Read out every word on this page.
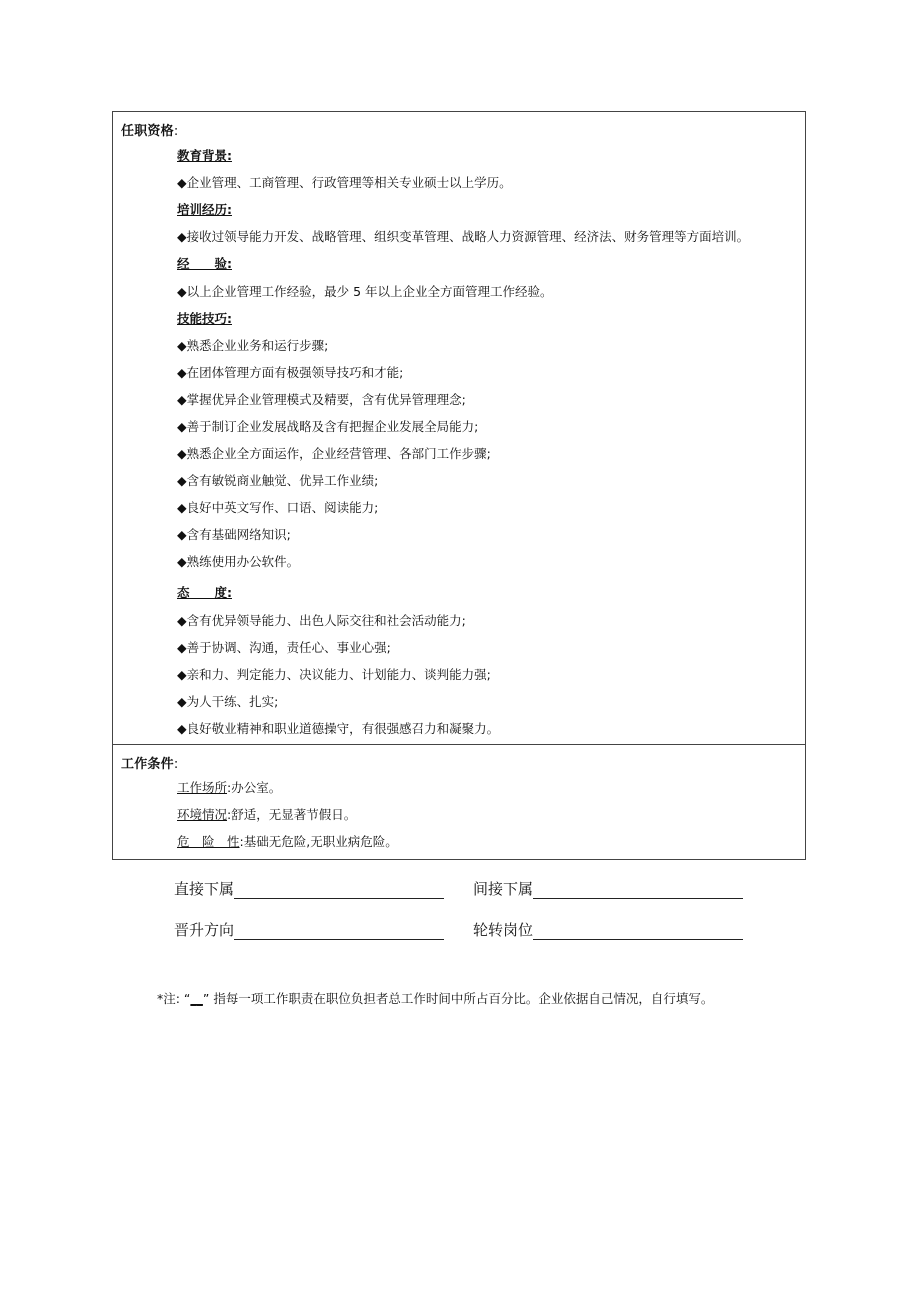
任职资格:
教育背景:
◆企业管理、工商管理、行政管理等相关专业硕士以上学历。
培训经历:
◆接收过领导能力开发、战略管理、组织变革管理、战略人力资源管理、经济法、财务管理等方面培训。
经　　验:
◆以上企业管理工作经验，最少 5 年以上企业全方面管理工作经验。
技能技巧:
◆熟悉企业业务和运行步骤;
◆在团体管理方面有极强领导技巧和才能;
◆掌握优异企业管理模式及精要，含有优异管理理念;
◆善于制订企业发展战略及含有把握企业发展全局能力;
◆熟悉企业全方面运作，企业经营管理、各部门工作步骤;
◆含有敏锐商业触觉、优异工作业绩;
◆良好中英文写作、口语、阅读能力;
◆含有基础网络知识;
◆熟练使用办公软件。
态　　度:
◆含有优异领导能力、出色人际交往和社会活动能力;
◆善于协调、沟通，责任心、事业心强;
◆亲和力、判定能力、决议能力、计划能力、谈判能力强;
◆为人干练、扎实;
◆良好敬业精神和职业道德操守，有很强感召力和凝聚力。
工作条件:
工作场所:办公室。
环境情况:舒适，无显著节假日。
危　险　性:基础无危险,无职业病危险。
直接下属	间接下属
晋升方向	轮转岗位
*注: “__” 指每一项工作职责在职位负担者总工作时间中所占百分比。企业依据自己情况，自行填写。
